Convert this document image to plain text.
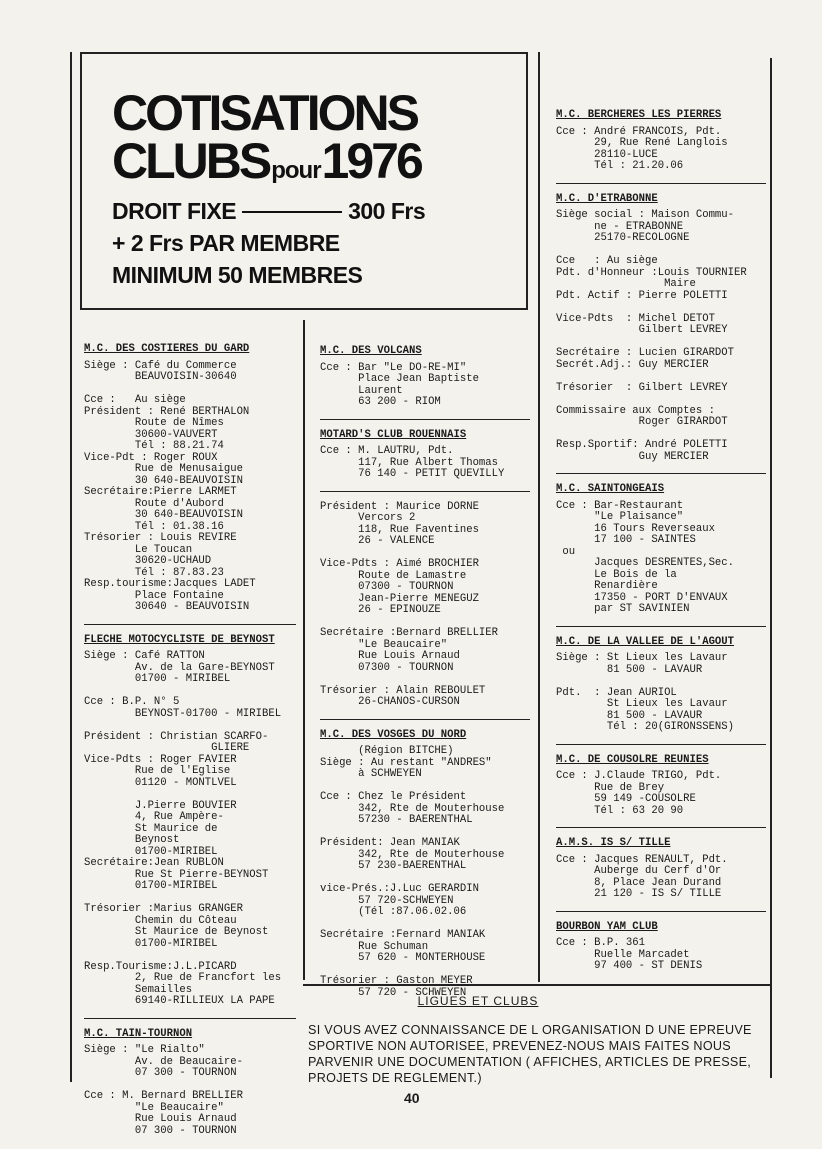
COTISATIONS
CLUBS pour 1976
DROIT FIXE	300 Frs
+ 2 Frs PAR MEMBRE
MINIMUM 50 MEMBRES
M.C. DES COSTIERES DU GARD
Siège : Café du Commerce
BEAUVOISIN-30640

Cce :   Au siège
Président : René BERTHALON
Route de Nîmes
30600-VAUVERT
Tél : 88.21.74
Vice-Pdt : Roger ROUX
Rue de Menusaigue
30 640-BEAUVOISIN
Secrétaire:Pierre LARMET
Route d'Aubord
30 640-BEAUVOISIN
Tél : 01.38.16
Trésorier : Louis REVIRE
Le Toucan
30620-UCHAUD
Tél : 87.83.23
Resp.tourisme:Jacques LADET
Place Fontaine
30640 - BEAUVOISIN
FLECHE MOTOCYCLISTE DE BEYNOST
Siège : Café RATTON
Av. de la Gare-BEYNOST
01700 - MIRIBEL

Cce : B.P. N° 5
BEYNOST-01700 - MIRIBEL

Président : Christian SCARFO-
GLIERE
Vice-Pdts : Roger FAVIER
Rue de l'Eglise
01120 - MONTLVEL

J.Pierre BOUVIER
4, Rue Ampère-
St Maurice de
Beynost
01700-MIRIBEL
Secrétaire:Jean RUBLON
Rue St Pierre-BEYNOST
01700-MIRIBEL

Trésorier :Marius GRANGER
Chemin du Côteau
St Maurice de Beynost
01700-MIRIBEL

Resp.Tourisme:J.L.PICARD
2, Rue de Francfort les
Semailles
69140-RILLIEUX LA PAPE
M.C. TAIN-TOURNON
Siège : "Le Rialto"
Av. de Beaucaire-
07 300 - TOURNON

Cce : M. Bernard BRELLIER
"Le Beaucaire"
Rue Louis Arnaud
07 300 - TOURNON
M.C. DES VOLCANS
Cce : Bar "Le DO-RE-MI"
Place Jean Baptiste
Laurent
63 200 - RIOM
MOTARD'S CLUB ROUENNAIS
Cce : M. LAUTRU, Pdt.
117, Rue Albert Thomas
76 140 - PETIT QUEVILLY
Président : Maurice DORNE
Vercors 2
118, Rue Faventines
26 - VALENCE

Vice-Pdts : Aimé BROCHIER
Route de Lamastre
07300 - TOURNON
Jean-Pierre MENEGUZ
26 - EPINOUZE

Secrétaire :Bernard BRELLIER
"Le Beaucaire"
Rue Louis Arnaud
07300 - TOURNON

Trésorier : Alain REBOULET
26-CHANOS-CURSON
M.C. DES VOSGES DU NORD
(Région BITCHE)
Siège : Au restant "ANDRES"
à SCHWEYEN

Cce : Chez le Président
342, Rte de Mouterhouse
57230 - BAERENTHAL

Président: Jean MANIAK
342, Rte de Mouterhouse
57 230-BAERENTHAL

vice-Prés.:J.Luc GERARDIN
57 720-SCHWEYEN
(Tél :87.06.02.06

Secrétaire :Fernard MANIAK
Rue Schuman
57 620 - MONTERHOUSE

Trésorier : Gaston MEYER
57 720 - SCHWEYEN
M.C. BERCHERES LES PIERRES
Cce : André FRANCOIS, Pdt.
29, Rue René Langlois
28110-LUCE
Tél : 21.20.06
M.C. D'ETRABONNE
Siège social : Maison Commu-
ne - ETRABONNE
25170-RECOLOGNE

Cce   : Au siège
Pdt. d'Honneur :Louis TOURNIER
Maire
Pdt. Actif : Pierre POLETTI

Vice-Pdts  : Michel DETOT
Gilbert LEVREY

Secrétaire : Lucien GIRARDOT
Secrét.Adj.: Guy MERCIER

Trésorier  : Gilbert LEVREY

Commissaire aux Comptes :
Roger GIRARDOT

Resp.Sportif: André POLETTI
Guy MERCIER
M.C. SAINTONGEAIS
Cce : Bar-Restaurant
"Le Plaisance"
16 Tours Reverseaux
17 100 - SAINTES
ou
Jacques DESRENTES,Sec.
Le Bois de la
Renardière
17350 - PORT D'ENVAUX
par ST SAVINIEN
M.C. DE LA VALLEE DE L'AGOUT
Siège : St Lieux les Lavaur
81 500 - LAVAUR

Pdt.  : Jean AURIOL
St Lieux les Lavaur
81 500 - LAVAUR
Tél : 20(GIRONSSENS)
M.C. DE COUSOLRE REUNIES
Cce : J.Claude TRIGO, Pdt.
Rue de Brey
59 149 -COUSOLRE
Tél : 63 20 90
A.M.S. IS S/ TILLE
Cce : Jacques RENAULT, Pdt.
Auberge du Cerf d'Or
8, Place Jean Durand
21 120 - IS S/ TILLE
BOURBON YAM CLUB
Cce : B.P. 361
Ruelle Marcadet
97 400 - ST DENIS
LIGUES ET CLUBS
SI VOUS AVEZ CONNAISSANCE DE L ORGANISATION D UNE EPREUVE SPORTIVE NON AUTORISEE, PREVENEZ-NOUS MAIS FAITES NOUS PARVENIR UNE DOCUMENTATION ( AFFICHES, ARTICLES DE PRESSE, PROJETS DE REGLEMENT.)
40
